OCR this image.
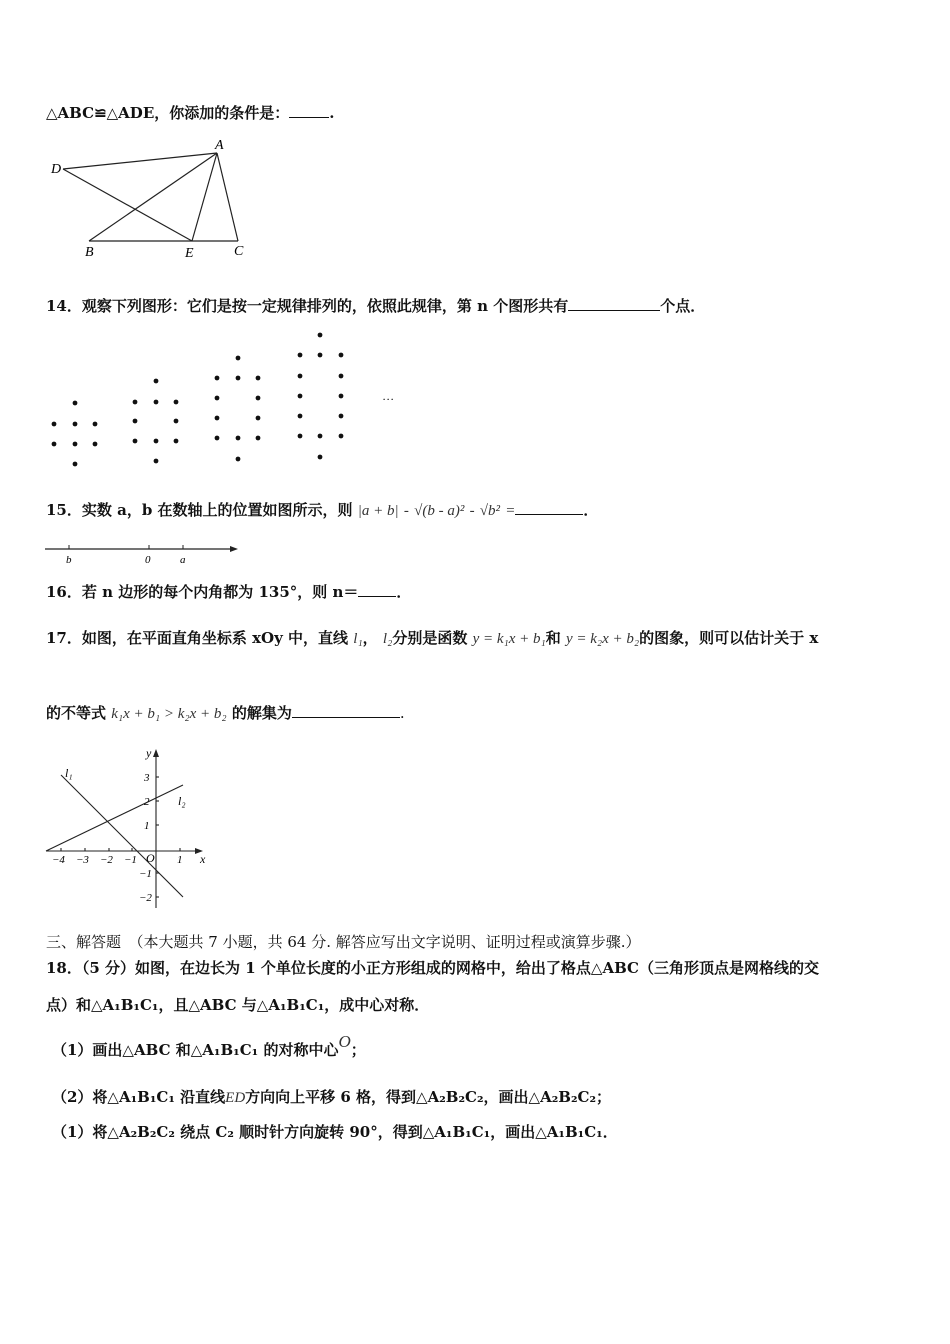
△ABC≌△ADE，你添加的条件是：	.
D
A
B	E	C
14．观察下列图形：它们是按一定规律排列的，依照此规律，第 n 个图形共有	个点．
…
15．实数 a，b 在数轴上的位置如图所示，则 |a + b| - √(b - a)² - √b² =	．
b	0	a
16．若 n 边形的每个内角都为 135°，则 n＝	．
17．如图，在平面直角坐标系 xOy 中，直线 l₁， l₂分别是函数 y = k₁x + b₁和 y = k₂x + b₂的图象，则可以估计关于 x
的不等式 k₁x + b₁ > k₂x + b₂ 的解集为	.
y
x
O
l₁
l₂
−4 −3 −2 −1	1
3
2
1
−1
−2
三、解答题　（本大题共 7 小题，共 64 分. 解答应写出文字说明、证明过程或演算步骤.）
18．（5 分）如图，在边长为 1 个单位长度的小正方形组成的网格中，给出了格点△ABC（三角形顶点是网格线的交
点）和△A₁B₁C₁，且△ABC 与△A₁B₁C₁，成中心对称．
（1）画出△ABC 和△A₁B₁C₁ 的对称中心O；
（2）将△A₁B₁C₁ 沿直线ED方向向上平移 6 格，得到△A₂B₂C₂，画出△A₂B₂C₂；
（1）将△A₂B₂C₂ 绕点 C₂ 顺时针方向旋转 90°，得到△A₁B₁C₁，画出△A₁B₁C₁．
